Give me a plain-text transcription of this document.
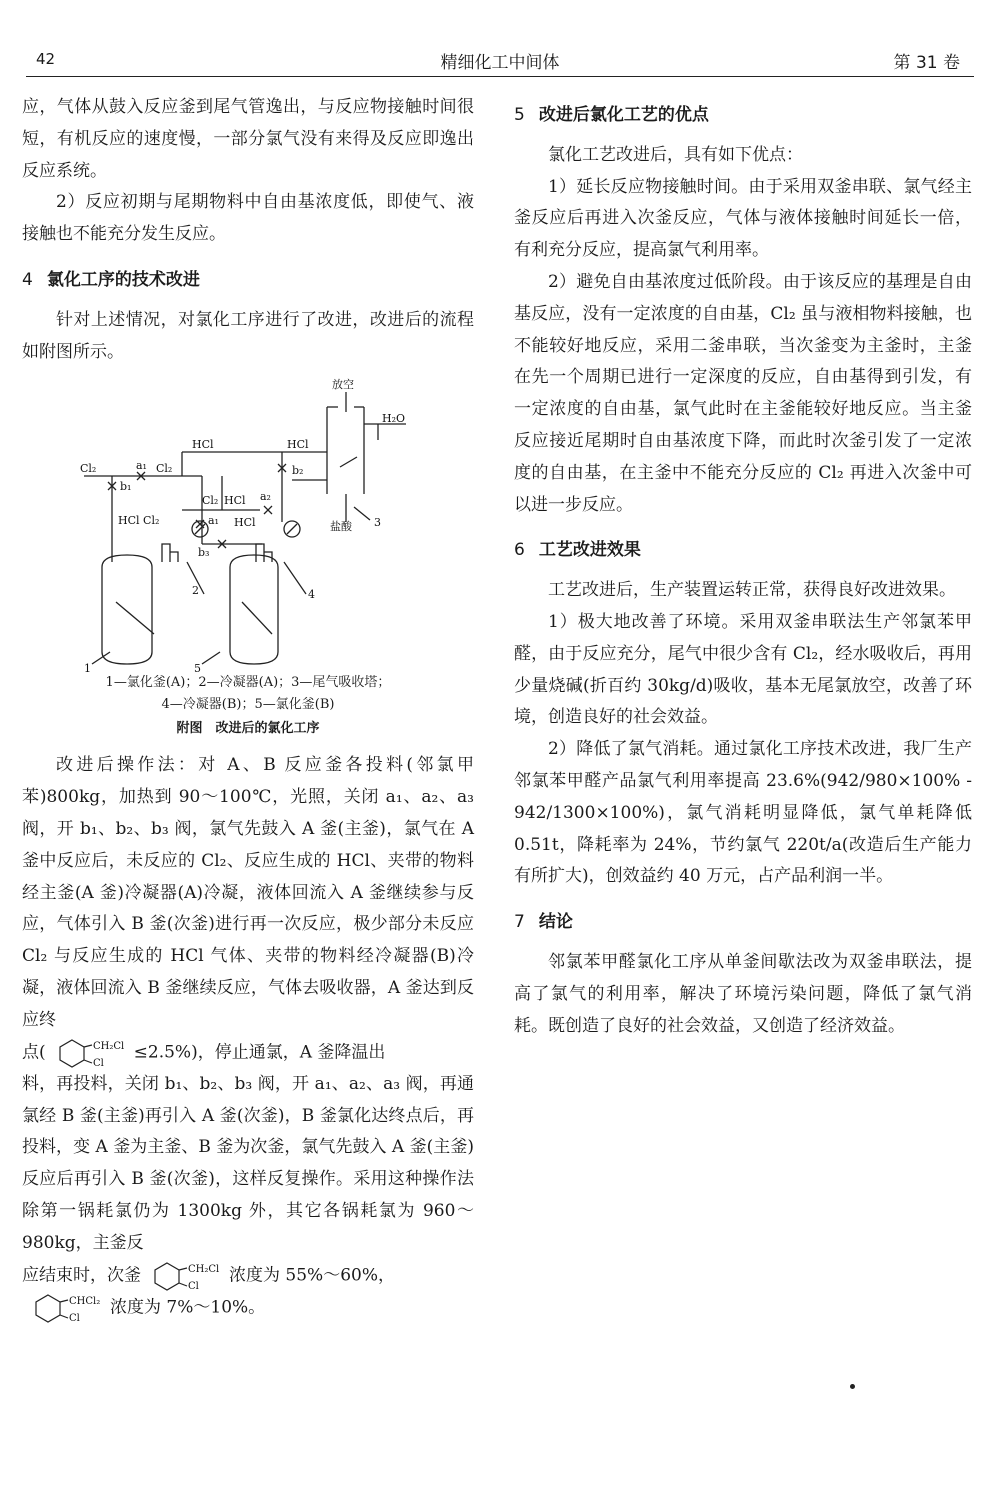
42	精细化工中间体	第 31 卷

应，气体从鼓入反应釜到尾气管逸出，与反应物接触时间很短，有机反应的速度慢，一部分氯气没有来得及反应即逸出反应系统。

2）反应初期与尾期物料中自由基浓度低，即使气、液接触也不能充分发生反应。

4 氯化工序的技术改进

针对上述情况，对氯化工序进行了改进，改进后的流程如附图所示。

放空
H₂O
HCl	HCl
Cl₂	a₁ Cl₂
b₁
Cl₂ HCl a₂
b₂
HCl Cl₂	a₁ HCl
b₃
盐酸 3
2	4
1	5
1—氯化釜(A)；2—冷凝器(A)；3—尾气吸收塔；
4—冷凝器(B)；5—氯化釜(B)
附图　改进后的氯化工序

改进后操作法：对 A、B 反应釜各投料(邻氯甲苯)800kg，加热到 90～100℃，光照，关闭 a₁、a₂、a₃ 阀，开 b₁、b₂、b₃ 阀，氯气先鼓入 A 釜(主釜)，氯气在 A 釜中反应后，未反应的 Cl₂、反应生成的 HCl、夹带的物料经主釜(A 釜)冷凝器(A)冷凝，液体回流入 A 釜继续参与反应，气体引入 B 釜(次釜)进行再一次反应，极少部分未反应 Cl₂ 与反应生成的 HCl 气体、夹带的物料经冷凝器(B)冷凝，液体回流入 B 釜继续反应，气体去吸收器，A 釜达到反应终

点(	CH₂Cl
Cl
≤2.5%)，停止通氯，A 釜降温出

料，再投料，关闭 b₁、b₂、b₃ 阀，开 a₁、a₂、a₃ 阀，再通氯经 B 釜(主釜)再引入 A 釜(次釜)，B 釜氯化达终点后，再投料，变 A 釜为主釜、B 釜为次釜，氯气先鼓入 A 釜(主釜)反应后再引入 B 釜(次釜)，这样反复操作。采用这种操作法除第一锅耗氯仍为 1300kg 外，其它各锅耗氯为 960～980kg，主釜反

应结束时，次釜	CH₂Cl
Cl
浓度为 55%～60%，

CHCl₂
Cl
浓度为 7%～10%。

5 改进后氯化工艺的优点

氯化工艺改进后，具有如下优点：

1）延长反应物接触时间。由于采用双釜串联、氯气经主釜反应后再进入次釜反应，气体与液体接触时间延长一倍，有利充分反应，提高氯气利用率。

2）避免自由基浓度过低阶段。由于该反应的基理是自由基反应，没有一定浓度的自由基，Cl₂ 虽与液相物料接触，也不能较好地反应，采用二釜串联，当次釜变为主釜时，主釜在先一个周期已进行一定深度的反应，自由基得到引发，有一定浓度的自由基，氯气此时在主釜能较好地反应。当主釜反应接近尾期时自由基浓度下降，而此时次釜引发了一定浓度的自由基，在主釜中不能充分反应的 Cl₂ 再进入次釜中可以进一步反应。

6 工艺改进效果

工艺改进后，生产装置运转正常，获得良好改进效果。

1）极大地改善了环境。采用双釜串联法生产邻氯苯甲醛，由于反应充分，尾气中很少含有 Cl₂，经水吸收后，再用少量烧碱(折百约 30kg/d)吸收，基本无尾氯放空，改善了环境，创造良好的社会效益。

2）降低了氯气消耗。通过氯化工序技术改进，我厂生产邻氯苯甲醛产品氯气利用率提高 23.6%(942/980×100% - 942/1300×100%)，氯气消耗明显降低，氯气单耗降低 0.51t，降耗率为 24%，节约氯气 220t/a(改造后生产能力有所扩大)，创效益约 40 万元，占产品利润一半。

7 结论

邻氯苯甲醛氯化工序从单釜间歇法改为双釜串联法，提高了氯气的利用率，解决了环境污染问题，降低了氯气消耗。既创造了良好的社会效益，又创造了经济效益。
